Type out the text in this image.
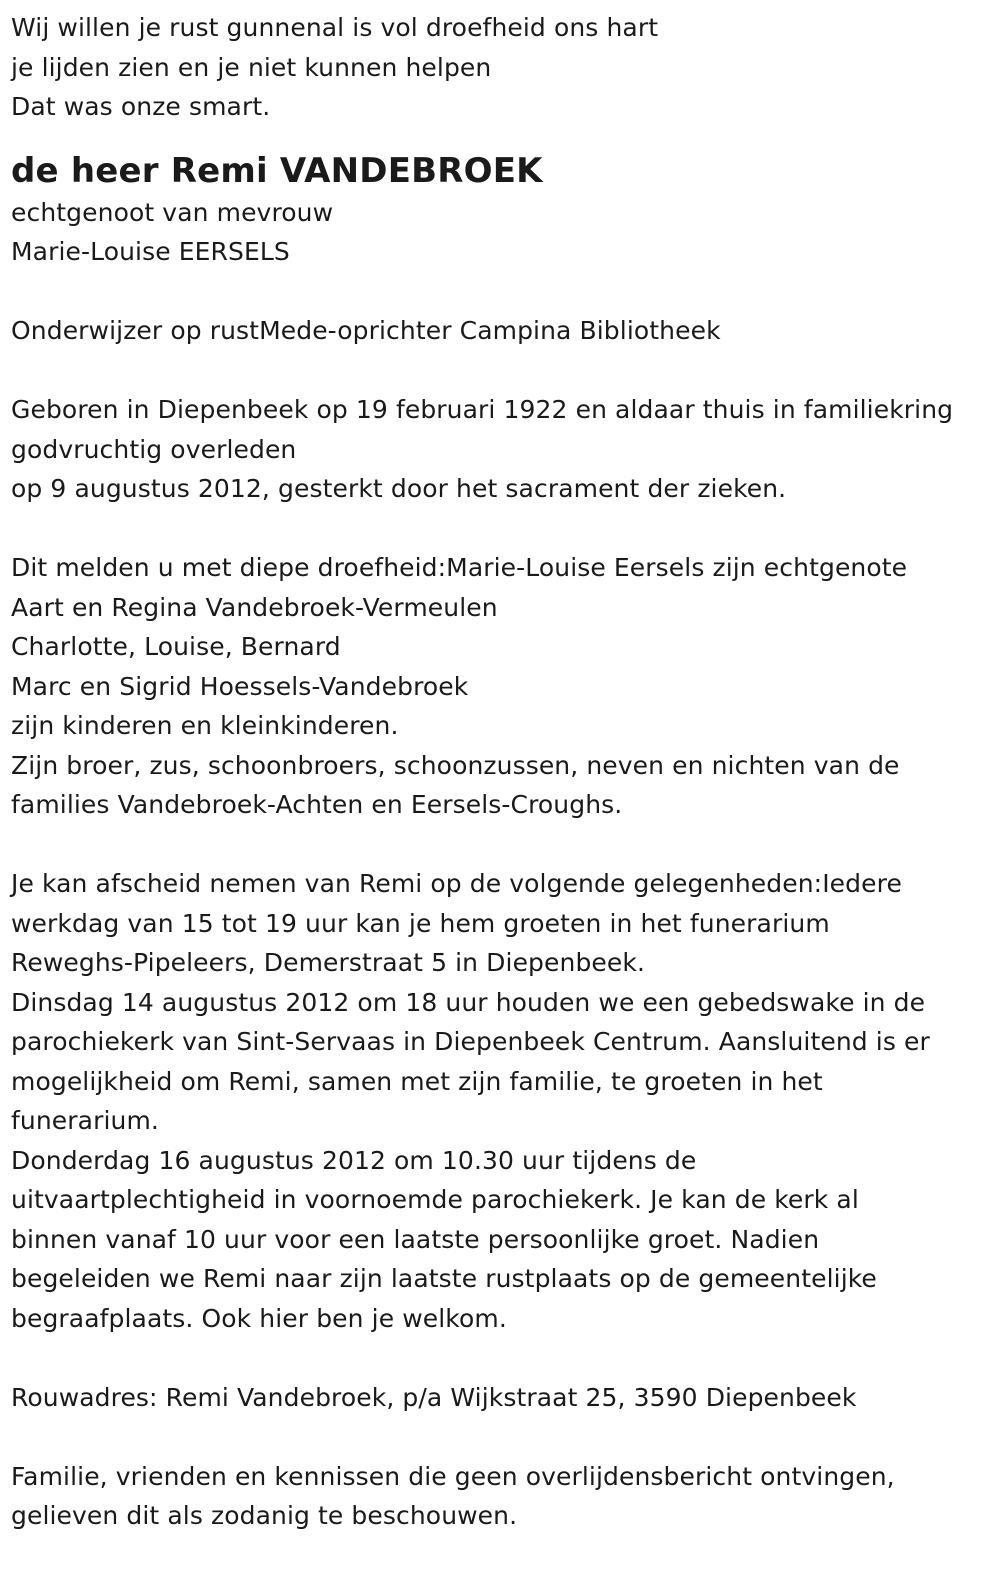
Wij willen je rust gunnenal is vol droefheid ons hart
je lijden zien en je niet kunnen helpen
Dat was onze smart.
de heer Remi VANDEBROEK
echtgenoot van mevrouw
Marie-Louise EERSELS
Onderwijzer op rustMede-oprichter Campina Bibliotheek
Geboren in Diepenbeek op 19 februari 1922 en aldaar thuis in familiekring
godvruchtig overleden
op 9 augustus 2012, gesterkt door het sacrament der zieken.
Dit melden u met diepe droefheid:Marie-Louise Eersels zijn echtgenote
Aart en Regina Vandebroek-Vermeulen
Charlotte, Louise, Bernard
Marc en Sigrid Hoessels-Vandebroek
zijn kinderen en kleinkinderen.
Zijn broer, zus, schoonbroers, schoonzussen, neven en nichten van de
families Vandebroek-Achten en Eersels-Croughs.
Je kan afscheid nemen van Remi op de volgende gelegenheden:Iedere
werkdag van 15 tot 19 uur kan je hem groeten in het funerarium
Reweghs-Pipeleers, Demerstraat 5 in Diepenbeek.
Dinsdag 14 augustus 2012 om 18 uur houden we een gebedswake in de
parochiekerk van Sint-Servaas in Diepenbeek Centrum. Aansluitend is er
mogelijkheid om Remi, samen met zijn familie, te groeten in het
funerarium.
Donderdag 16 augustus 2012 om 10.30 uur tijdens de
uitvaartplechtigheid in voornoemde parochiekerk. Je kan de kerk al
binnen vanaf 10 uur voor een laatste persoonlijke groet. Nadien
begeleiden we Remi naar zijn laatste rustplaats op de gemeentelijke
begraafplaats. Ook hier ben je welkom.
Rouwadres: Remi Vandebroek, p/a Wijkstraat 25, 3590 Diepenbeek
Familie, vrienden en kennissen die geen overlijdensbericht ontvingen,
gelieven dit als zodanig te beschouwen.
